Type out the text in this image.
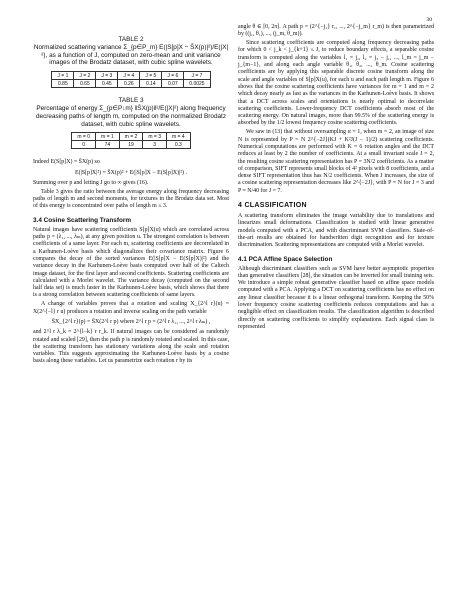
30
TABLE 2
Normalized scattering variance Σ_{p∈P_m} E(|S[p]X − S̄X(p)|²)/E(|X|²), as a function of J, computed on zero-mean and unit variance images of the Brodatz dataset, with cubic spline wavelets.
J = 1	J = 2	J = 3	J = 4	J = 5	J = 6	J = 7
0.85	0.65	0.45	0.26	0.14	0.07	0.0025
TABLE 3
Percentage of energy Σ_{p∈P↓m} ‖S̄X(p)‖²/E(|X|²) along frequency decreasing paths of length m, computed on the normalized Brodatz dataset, with cubic spline wavelets.
m = 0	m = 1	m = 2	m = 3	m = 4
0	74	19	3	0.3

Indeed E(S[p]X) = S̄X(p) so

E(|S[p]X|²) = S̄X(p)² + E(|S[p]X − E(S[p]X)|²) .

Summing over p and letting J go to ∞ gives (16).

Table 3 gives the ratio between the average energy along frequency decreasing paths of length m and second moments, for textures in the Brodatz data set. Most of this energy is concentrated over paths of length m ≤ 3.

3.4 Cosine Scattering Transform

Natural images have scattering coefficients S[p]X(u) which are correlated across paths p = (λ₁, ..., λₘ), at any given position u. The strongest correlation is between coefficients of a same layer. For each m, scattering coefficients are decorrelated in a Karhunen-Loève basis which diagonalizes their covariance matrix. Figure 6 compares the decay of the sorted variances E(|S[p]X − E(S[p]X)|²) and the variance decay in the Karhunen-Loève basis computed over half of the Caltech image dataset, for the first layer and second coefficients. Scattering coefficients are calculated with a Morlet wavelet. The variance decay (computed on the second half data set) is much faster in the Karhunen-Loève basis, which shows that there is a strong correlation between scattering coefficients of same layers.

A change of variables proves that a rotation and scaling X_{2^l r}(u) = X(2^{−l} r u) produces a rotation and inverse scaling on the path variable

S̄X_{2^l r}(p) = S̄X(2^l r p) where 2^l r p = (2^l r λ₁, ..., 2^l r λₘ) ,

and 2^l r λ_k = 2^{l−k} r r_k. If natural images can be considered as randomly rotated and scaled [29], then the path p is randomly rotated and scaled. In this case, the scattering transform has stationary variations along the scale and rotation variables. This suggests approximating the Karhunen-Loève basis by a cosine basis along these variables. Let us parametrize each rotation r by its

angle θ ∈ [0, 2π]. A path p = (2^{−j₁} r₁, ..., 2^{−j_m} r_m) is then parametrized by ((j₁, θ₁), ..., (j_m, θ_m)).

Since scattering coefficients are computed along frequency decreasing paths for which 0 < j_k < j_{k+1} ≤ J, to reduce boundary effects, a separable cosine transform is computed along the variables l₁ = j₁, l₂ = j₂ − j₁, ..., l_m = j_m − j_{m−1}, and along each angle variable θ₁, θ₂, ..., θ_m. Cosine scattering coefficients are by applying this separable discrete cosine transform along the scale and angle variables of S[p]X(u), for each u and each path length m. Figure 6 shows that the cosine scattering coefficients have variances for m = 1 and m = 2 which decay nearly as fast as the variances in the Karhunen-Loève basis. It shows that a DCT across scales and orientations is nearly optimal to decorrelate scattering coefficients. Lower-frequency DCT coefficients absorb most of the scattering energy. On natural images, more than 99.5% of the scattering energy is absorbed by the 1/2 lowest frequency cosine scattering coefficients.

We saw in (13) that without oversampling α = 1, when m = 2, an image of size N is represented by P = N 2^{−2J}(KJ + K²J(J − 1)/2) scattering coefficients. Numerical computations are performed with K = 6 rotation angles and the DCT reduces at least by 2 the number of coefficients. At a small invariant scale J = 2, the resulting cosine scattering representation has P = 3N/2 coefficients. As a matter of comparison, SIFT represents small blocks of 4² pixels with 8 coefficients, and a dense SIFT representation thus has N/2 coefficients. When J increases, the size of a cosine scattering representation decreases like 2^{−2J}, with P = N for J = 3 and P ≈ N/40 for J = 7.

4 CLASSIFICATION

A scattering transform eliminates the image variability due to translations and linearizes small deformations. Classification is studied with linear generative models computed with a PCA, and with discriminant SVM classifiers. State-of-the-art results are obtained for handwritten digit recognition and for texture discrimination. Scattering representations are computed with a Morlet wavelet.

4.1 PCA Affine Space Selection

Although discriminant classifiers such as SVM have better asymptotic properties than generative classifiers [28], the situation can be inverted for small training sets. We introduce a simple robust generative classifier based on affine space models computed with a PCA. Applying a DCT on scattering coefficients has no effect on any linear classifier because it is a linear orthogonal transform. Keeping the 50% lower frequency cosine scattering coefficients reduces computations and has a negligible effect on classification results. The classification algorithm is described directly on scattering coefficients to simplify explanations. Each signal class is represented
